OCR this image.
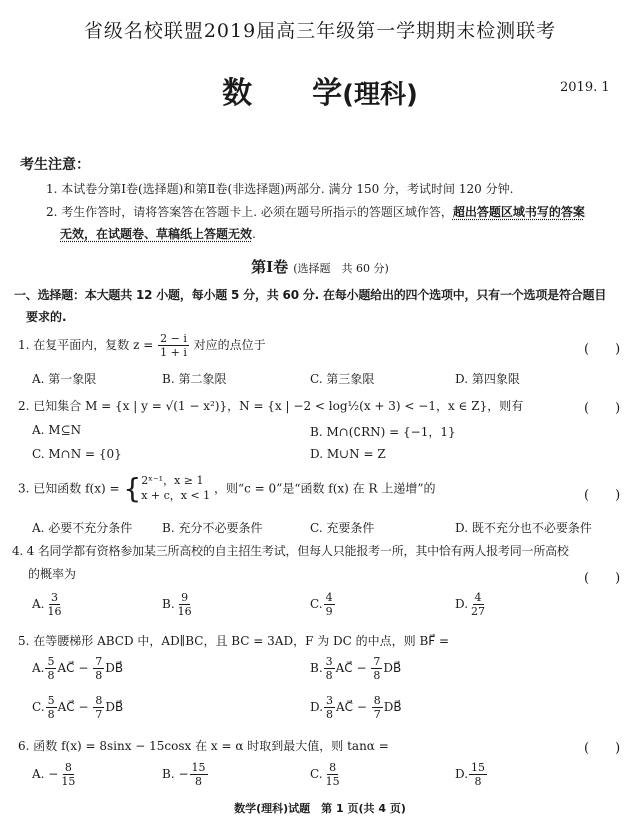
省级名校联盟2019届高三年级第一学期期末检测联考
数　　学(理科)	2019. 1
考生注意：
1. 本试卷分第Ⅰ卷(选择题)和第Ⅱ卷(非选择题)两部分. 满分 150 分，考试时间 120 分钟.
2. 考生作答时，请将答案答在答题卡上. 必须在题号所指示的答题区域作答，超出答题区域书写的答案
无效，在试题卷、草稿纸上答题无效.
第Ⅰ卷 (选择题　共 60 分)
一、选择题：本大题共 12 小题，每小题 5 分，共 60 分. 在每小题给出的四个选项中，只有一个选项是符合题目
要求的.
1. 在复平面内，复数 $z = \frac{2 - i}{1 + i}$ 对应的点位于	(　　)
A. 第一象限	B. 第二象限	C. 第三象限	D. 第四象限
2. 已知集合 M = {x | y = √(1 − x²)}，N = {x | −2 < log½(x + 3) < −1，x ∈ Z}，则有	(　　)
A. M⊆N	B. M∩(∁RN) = {−1，1}
C. M∩N = {0}	D. M∪N = Z
3. 已知函数 f(x) = { 2ˣ⁻¹，x ≥ 1
x + c，x < 1 ，则“c = 0”是“函数 f(x) 在 R 上递增”的	(　　)
A. 必要不充分条件 B. 充分不必要条件	C. 充要条件	D. 既不充分也不必要条件
4. 4 名同学都有资格参加某三所高校的自主招生考试，但每人只能报考一所，其中恰有两人报考同一所高校
的概率为	(　　)
A. $\frac{3}{16}$	B. $\frac{9}{16}$	C. $\frac{4}{9}$	D. $\frac{4}{27}$
5. 在等腰梯形 ABCD 中，AD∥BC，且 BC = 3AD，F 为 DC 的中点，则 BF⃗ =
A. $\frac{5}{8}$ AC⃗ − $\frac{7}{8}$ DB⃗	B. $\frac{3}{8}$ AC⃗ − $\frac{7}{8}$ DB⃗
C. $\frac{5}{8}$ AC⃗ − $\frac{8}{7}$ DB⃗	D. $\frac{3}{8}$ AC⃗ − $\frac{8}{7}$ DB⃗
6. 函数 f(x) = 8sinx − 15cosx 在 x = α 时取到最大值，则 tanα =	(　　)
A. − $\frac{8}{15}$	B. − $\frac{15}{8}$	C. $\frac{8}{15}$	D. $\frac{15}{8}$
数学(理科)试题　第 1 页(共 4 页)
